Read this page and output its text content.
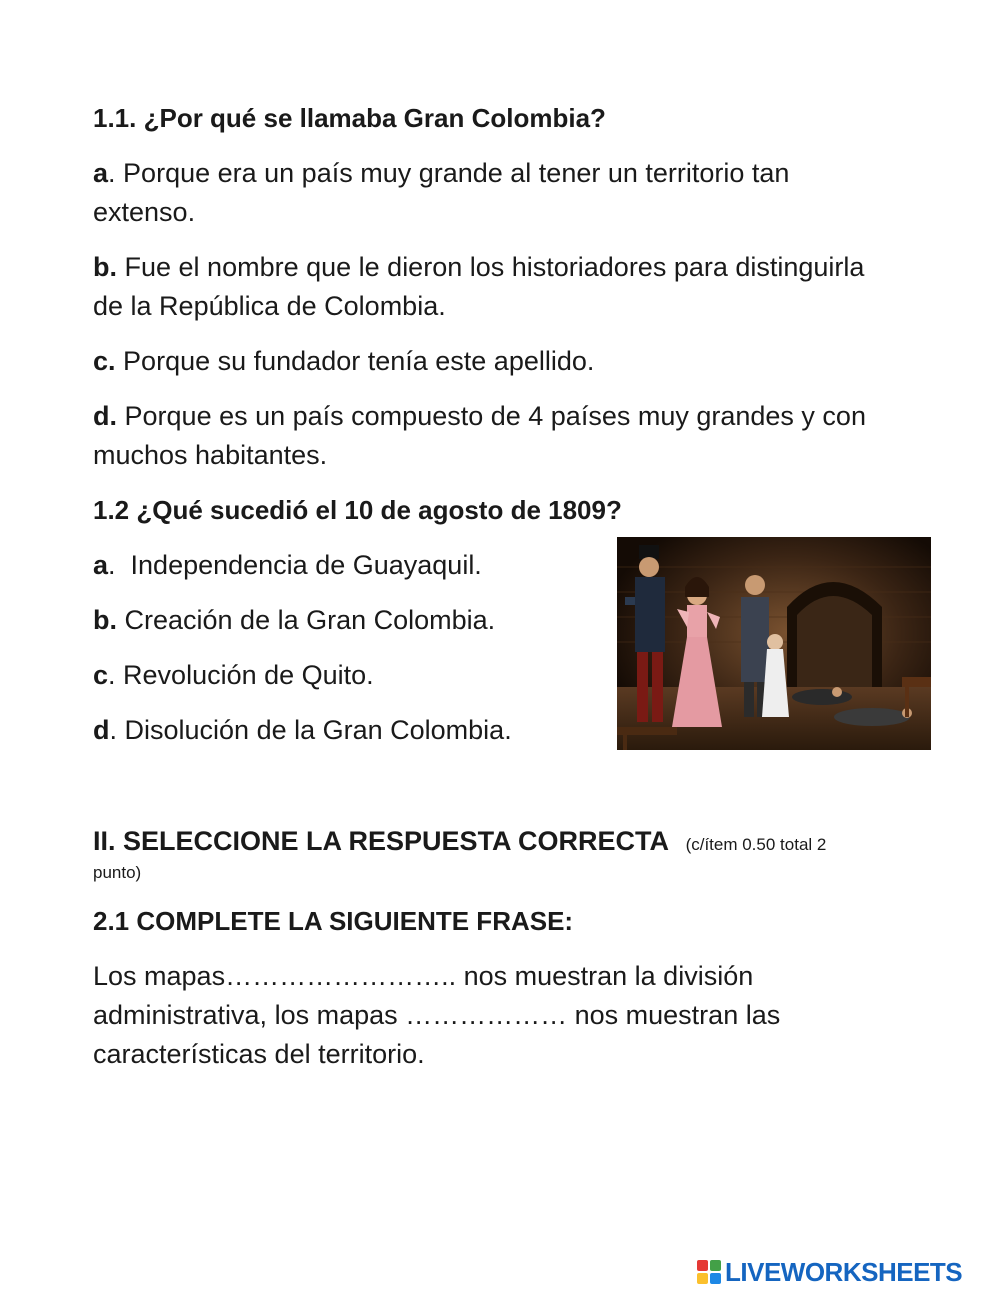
1.1. ¿Por qué se llamaba Gran Colombia?
a. Porque era un país muy grande al tener un territorio tan
extenso.
b. Fue el nombre que le dieron los historiadores para distinguirla
de la República de Colombia.
c. Porque su fundador tenía este apellido.
d. Porque es un país compuesto de 4 países muy grandes y con
muchos habitantes.
1.2 ¿Qué sucedió el 10 de agosto de 1809?
a.  Independencia de Guayaquil.
b. Creación de la Gran Colombia.
c. Revolución de Quito.
d. Disolución de la Gran Colombia.
II. SELECCIONE LA RESPUESTA CORRECTA (c/ítem 0.50 total 2
punto)
2.1 COMPLETE LA SIGUIENTE FRASE:
Los mapas…………………….. nos muestran la división
administrativa, los mapas ……………… nos muestran las
características del territorio.
LIVEWORKSHEETS
